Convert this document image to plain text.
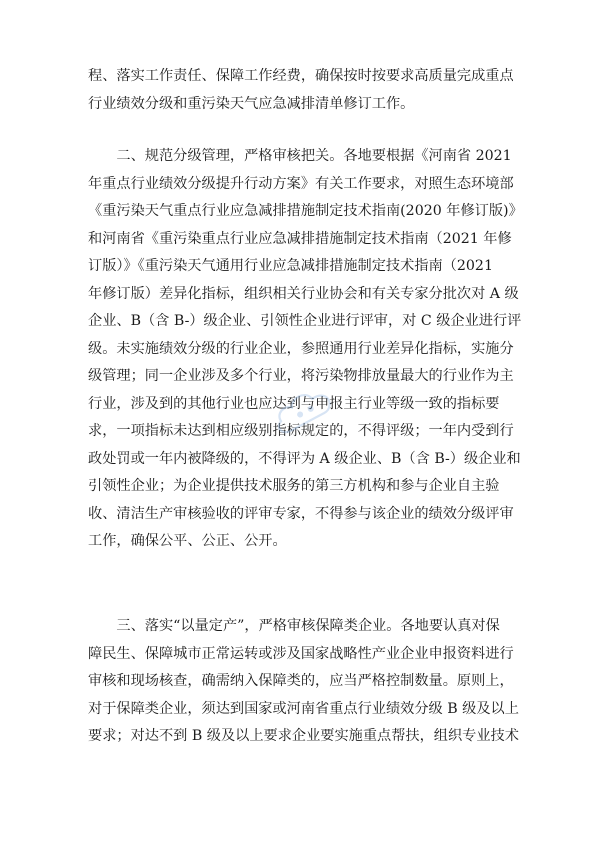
程、落实工作责任、保障工作经费，确保按时按要求高质量完成重点
行业绩效分级和重污染天气应急减排清单修订工作。
　　二、规范分级管理，严格审核把关。各地要根据《河南省 2021
年重点行业绩效分级提升行动方案》有关工作要求，对照生态环境部
《重污染天气重点行业应急减排措施制定技术指南(2020 年修订版)》
和河南省《重污染重点行业应急减排措施制定技术指南（2021 年修
订版）》《重污染天气通用行业应急减排措施制定技术指南（2021
年修订版）差异化指标，组织相关行业协会和有关专家分批次对 A 级
企业、B（含 B-）级企业、引领性企业进行评审，对 C 级企业进行评
级。未实施绩效分级的行业企业，参照通用行业差异化指标，实施分
级管理；同一企业涉及多个行业，将污染物排放量最大的行业作为主
行业，涉及到的其他行业也应达到与申报主行业等级一致的指标要
求，一项指标未达到相应级别指标规定的，不得评级；一年内受到行
政处罚或一年内被降级的，不得评为 A 级企业、B（含 B-）级企业和
引领性企业；为企业提供技术服务的第三方机构和参与企业自主验
收、清洁生产审核验收的评审专家，不得参与该企业的绩效分级评审
工作，确保公平、公正、公开。
　　三、落实“以量定产”，严格审核保障类企业。各地要认真对保
障民生、保障城市正常运转或涉及国家战略性产业企业申报资料进行
审核和现场核查，确需纳入保障类的，应当严格控制数量。原则上，
对于保障类企业，须达到国家或河南省重点行业绩效分级 B 级及以上
要求；对达不到 B 级及以上要求企业要实施重点帮扶，组织专业技术
